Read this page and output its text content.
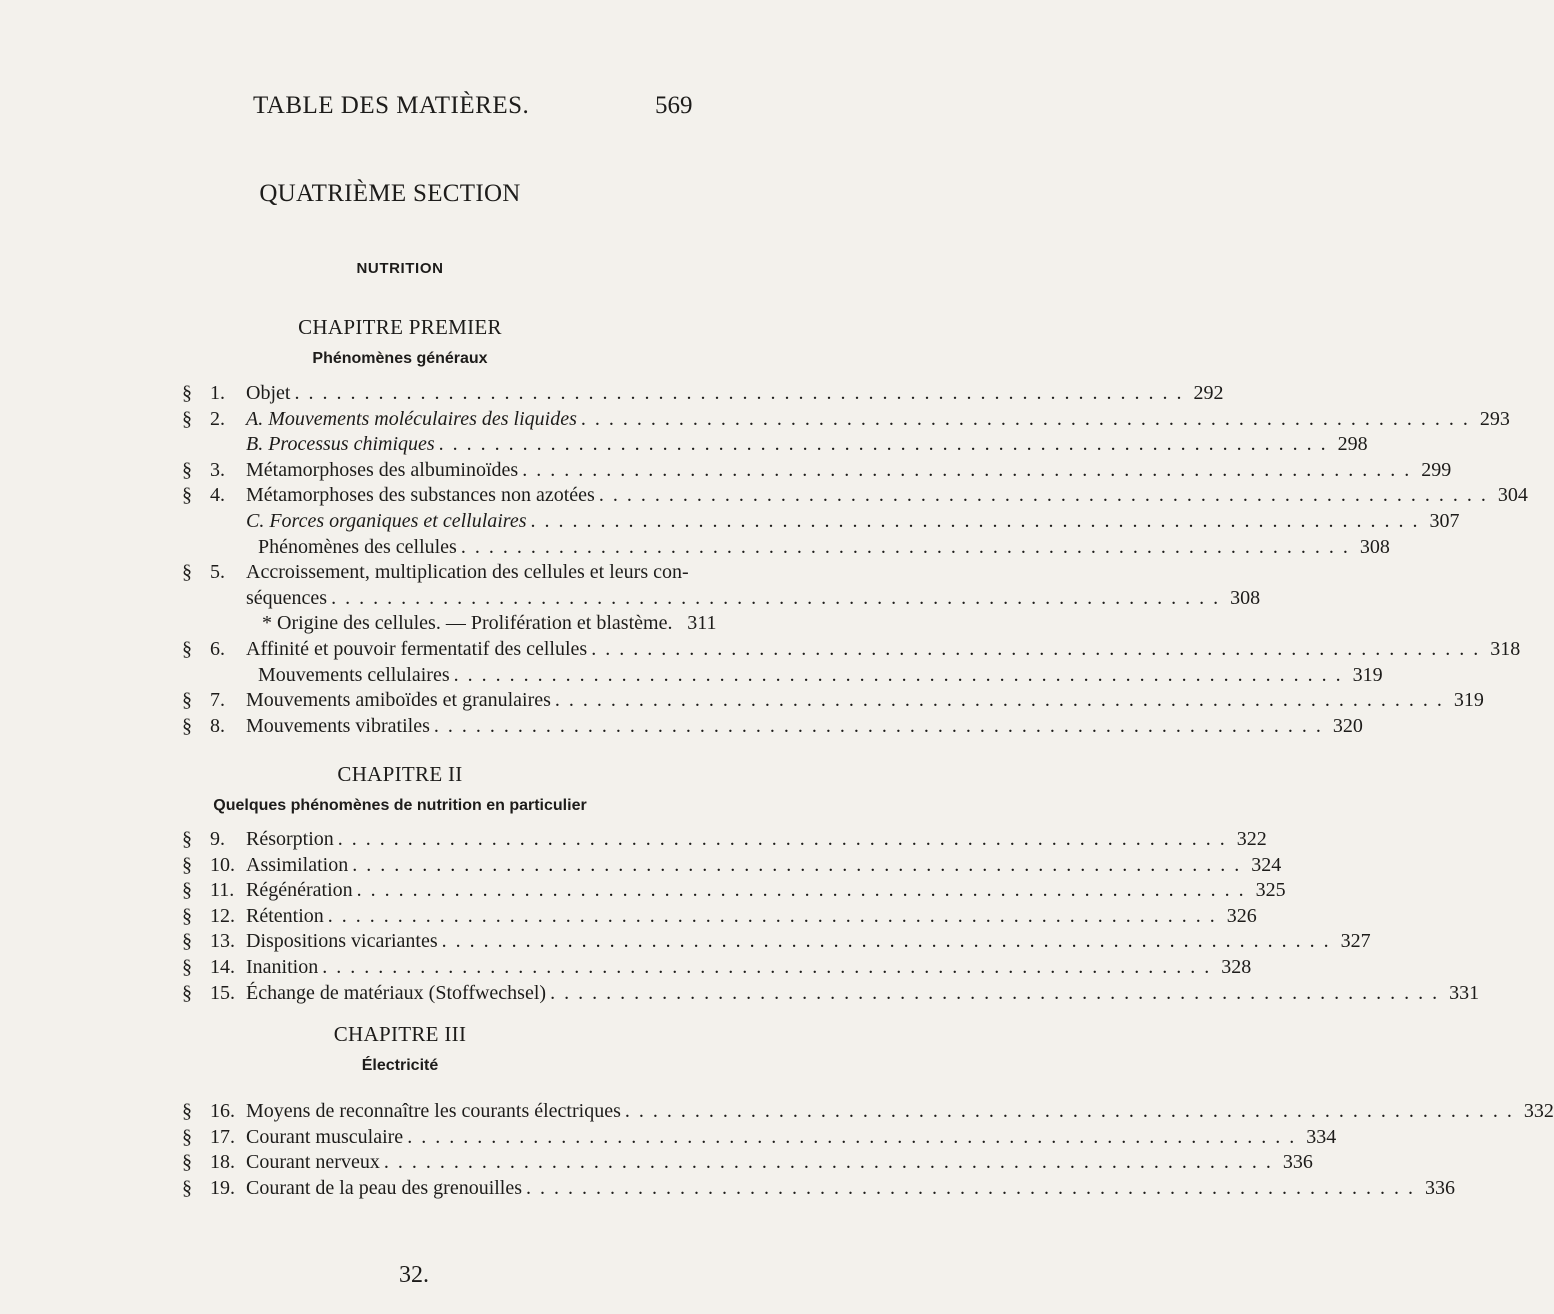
TABLE DES MATIÈRES.	569
QUATRIÈME SECTION
NUTRITION
CHAPITRE PREMIER
Phénomènes généraux
§ 1.	Objet . . .	292
§ 2.	A. Mouvements moléculaires des liquides . . .	293
B. Processus chimiques . . .	298
§ 3.	Métamorphoses des albuminoïdes . . .	299
§ 4.	Métamorphoses des substances non azotées . . .	304
C. Forces organiques et cellulaires . . .	307
Phénomènes des cellules . . .	308
§ 5.	Accroissement, multiplication des cellules et leurs con-
séquences . . .	308
* Origine des cellules. — Prolifération et blastème. 311
§ 6.	Affinité et pouvoir fermentatif des cellules . . .	318
Mouvements cellulaires . . .	319
§ 7.	Mouvements amiboïdes et granulaires . . .	319
§ 8.	Mouvements vibratiles . . .	320
CHAPITRE II
Quelques phénomènes de nutrition en particulier
§ 9.	Résorption . . .	322
§ 10. Assimilation . . .	324
§ 11. Régénération . . .	325
§ 12. Rétention . . .	326
§ 13. Dispositions vicariantes . . .	327
§ 14. Inanition . . .	328
§ 15. Échange de matériaux (Stoffwechsel) . . .	331
CHAPITRE III
Électricité
§ 16. Moyens de reconnaître les courants électriques . . .	332
§ 17. Courant musculaire . . .	334
§ 18. Courant nerveux . . .	336
§ 19. Courant de la peau des grenouilles . . .	336
32.
